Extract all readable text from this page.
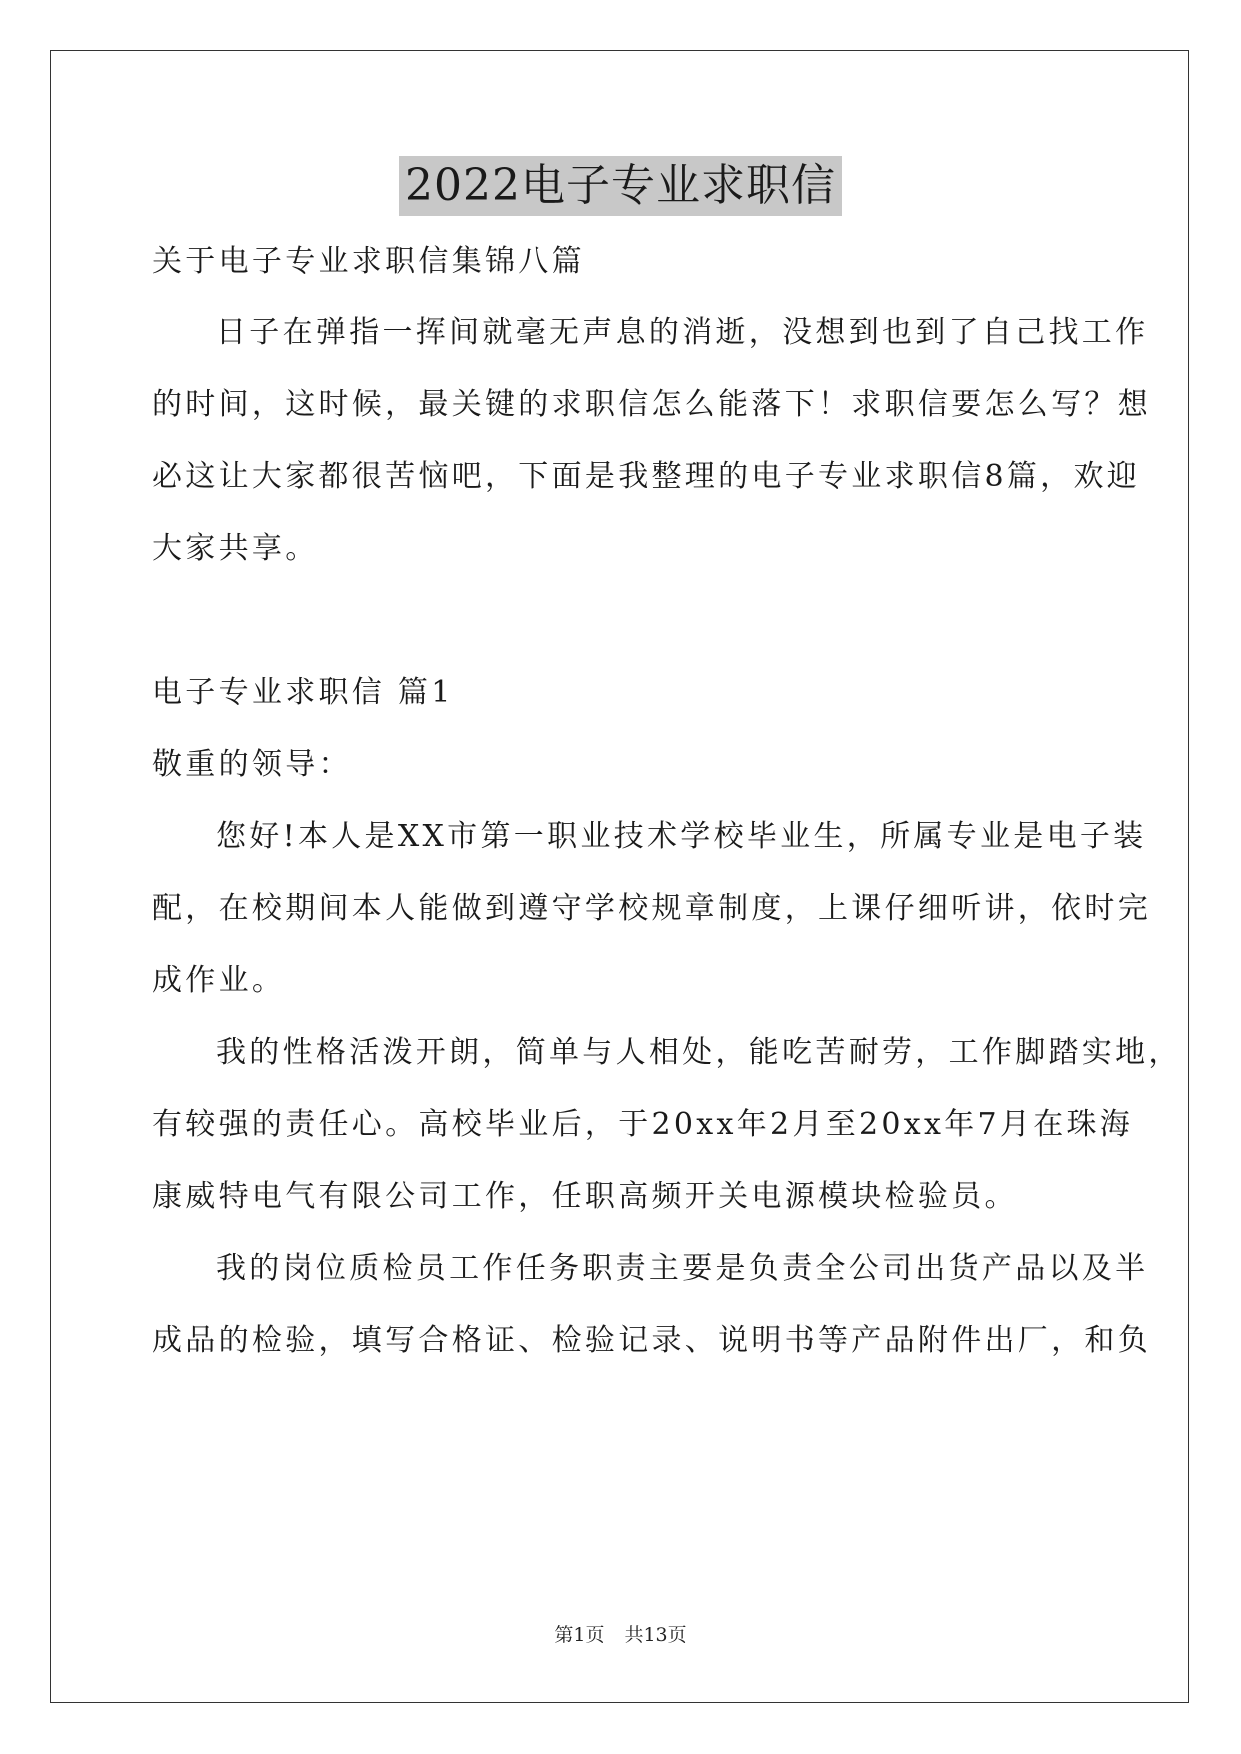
2022电子专业求职信
关于电子专业求职信集锦八篇
日子在弹指一挥间就毫无声息的消逝，没想到也到了自己找工作
的时间，这时候，最关键的求职信怎么能落下！求职信要怎么写？想
必这让大家都很苦恼吧，下面是我整理的电子专业求职信8篇，欢迎
大家共享。
电子专业求职信 篇1
敬重的领导：
您好!本人是XX市第一职业技术学校毕业生，所属专业是电子装
配，在校期间本人能做到遵守学校规章制度，上课仔细听讲，依时完
成作业。
我的性格活泼开朗，简单与人相处，能吃苦耐劳，工作脚踏实地，
有较强的责任心。高校毕业后，于20xx年2月至20xx年7月在珠海
康威特电气有限公司工作，任职高频开关电源模块检验员。
我的岗位质检员工作任务职责主要是负责全公司出货产品以及半
成品的检验，填写合格证、检验记录、说明书等产品附件出厂，和负
第1页 共13页
